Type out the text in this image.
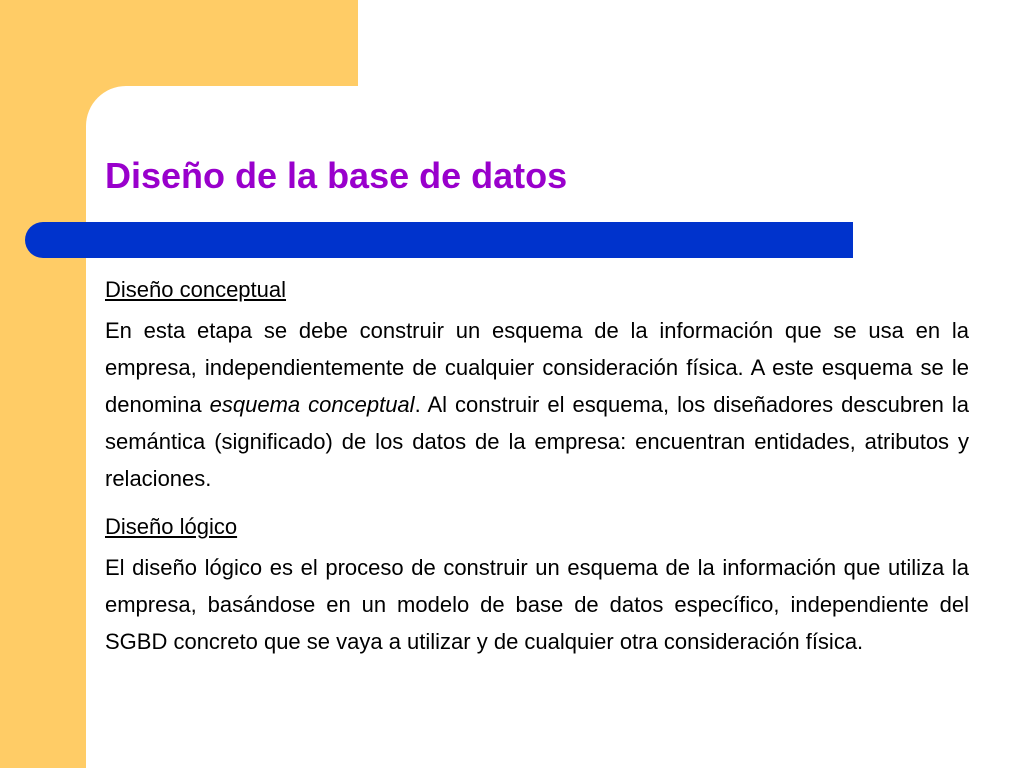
Diseño de la base de datos
Diseño conceptual

En esta etapa se debe construir un esquema de la información que se usa en la empresa, independientemente de cualquier consideración física. A este esquema se le denomina esquema conceptual. Al construir el esquema, los diseñadores descubren la semántica (significado) de los datos de la empresa: encuentran entidades, atributos y relaciones.

Diseño lógico

El diseño lógico es el proceso de construir un esquema de la información que utiliza la empresa, basándose en un modelo de base de datos específico, independiente del SGBD concreto que se vaya a utilizar y de cualquier otra consideración física.
